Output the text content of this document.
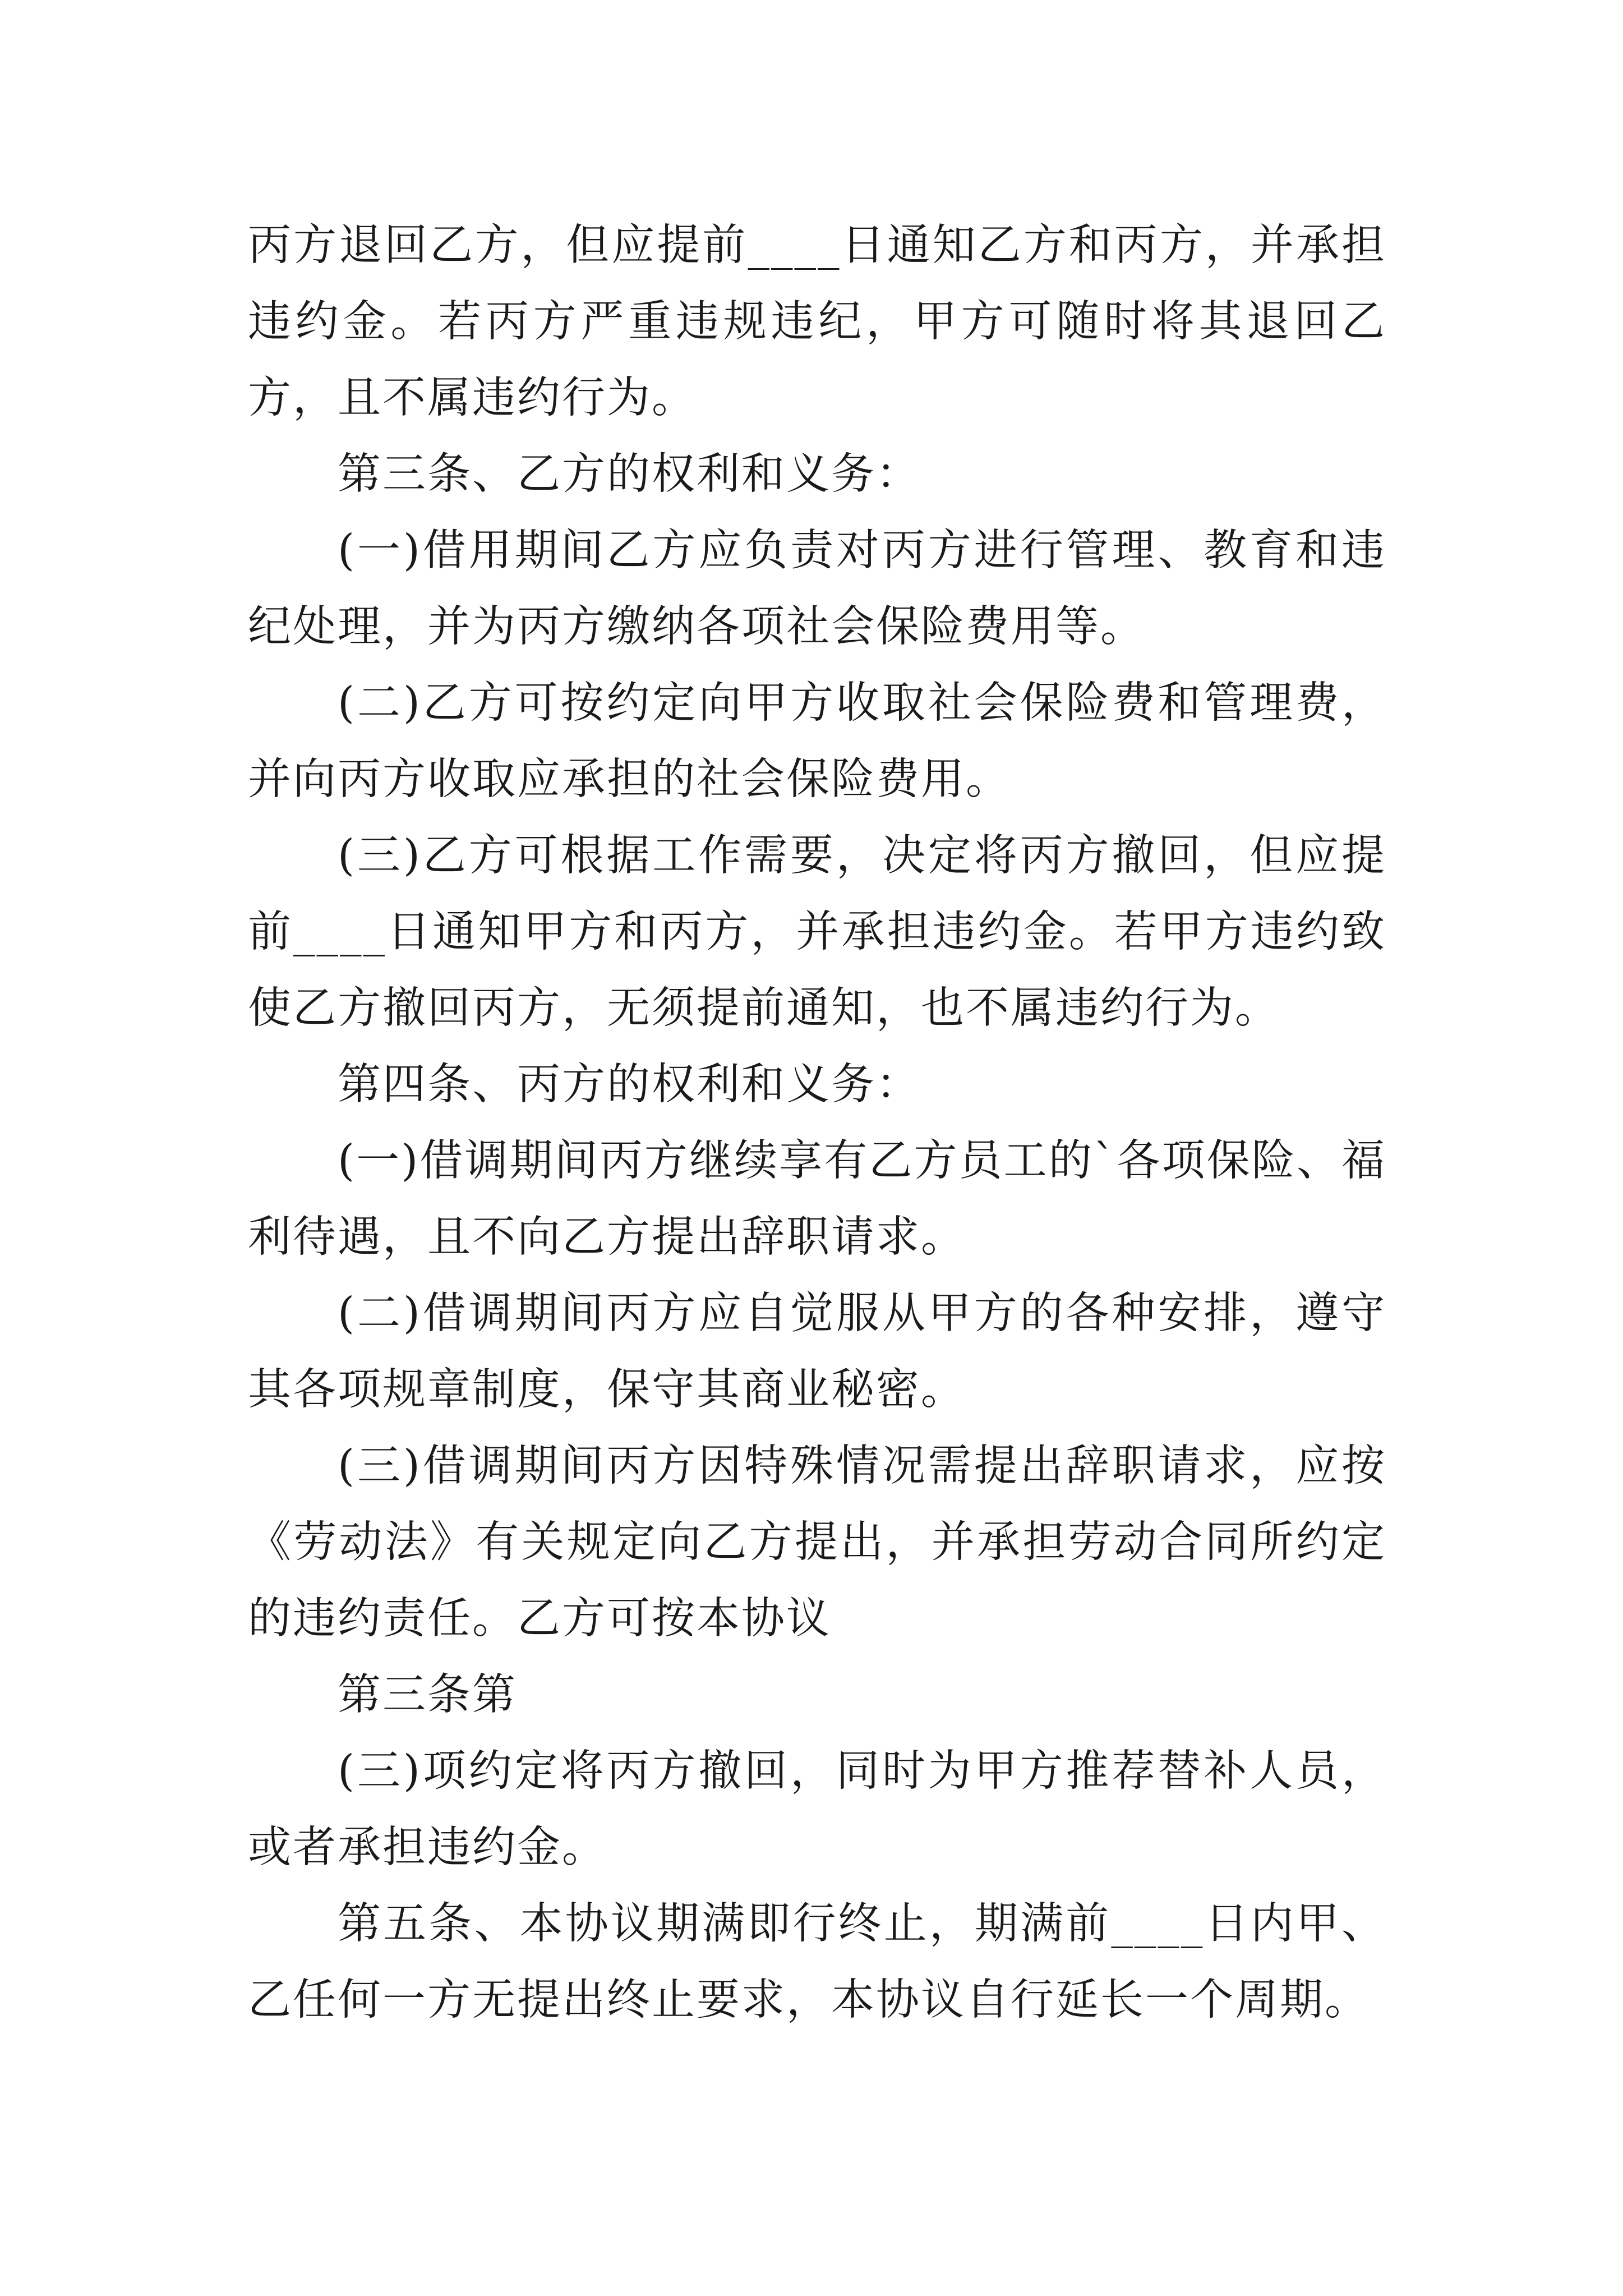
丙方退回乙方，但应提前____日通知乙方和丙方，并承担违约金。若丙方严重违规违纪，甲方可随时将其退回乙方，且不属违约行为。

第三条、乙方的权利和义务：

(一)借用期间乙方应负责对丙方进行管理、教育和违纪处理，并为丙方缴纳各项社会保险费用等。

(二)乙方可按约定向甲方收取社会保险费和管理费，并向丙方收取应承担的社会保险费用。

(三)乙方可根据工作需要，决定将丙方撤回，但应提前____日通知甲方和丙方，并承担违约金。若甲方违约致使乙方撤回丙方，无须提前通知，也不属违约行为。

第四条、丙方的权利和义务：

(一)借调期间丙方继续享有乙方员工的`各项保险、福利待遇，且不向乙方提出辞职请求。

(二)借调期间丙方应自觉服从甲方的各种安排，遵守其各项规章制度，保守其商业秘密。

(三)借调期间丙方因特殊情况需提出辞职请求，应按《劳动法》有关规定向乙方提出，并承担劳动合同所约定的违约责任。乙方可按本协议

第三条第

(三)项约定将丙方撤回，同时为甲方推荐替补人员，或者承担违约金。

第五条、本协议期满即行终止，期满前____日内甲、乙任何一方无提出终止要求，本协议自行延长一个周期。
